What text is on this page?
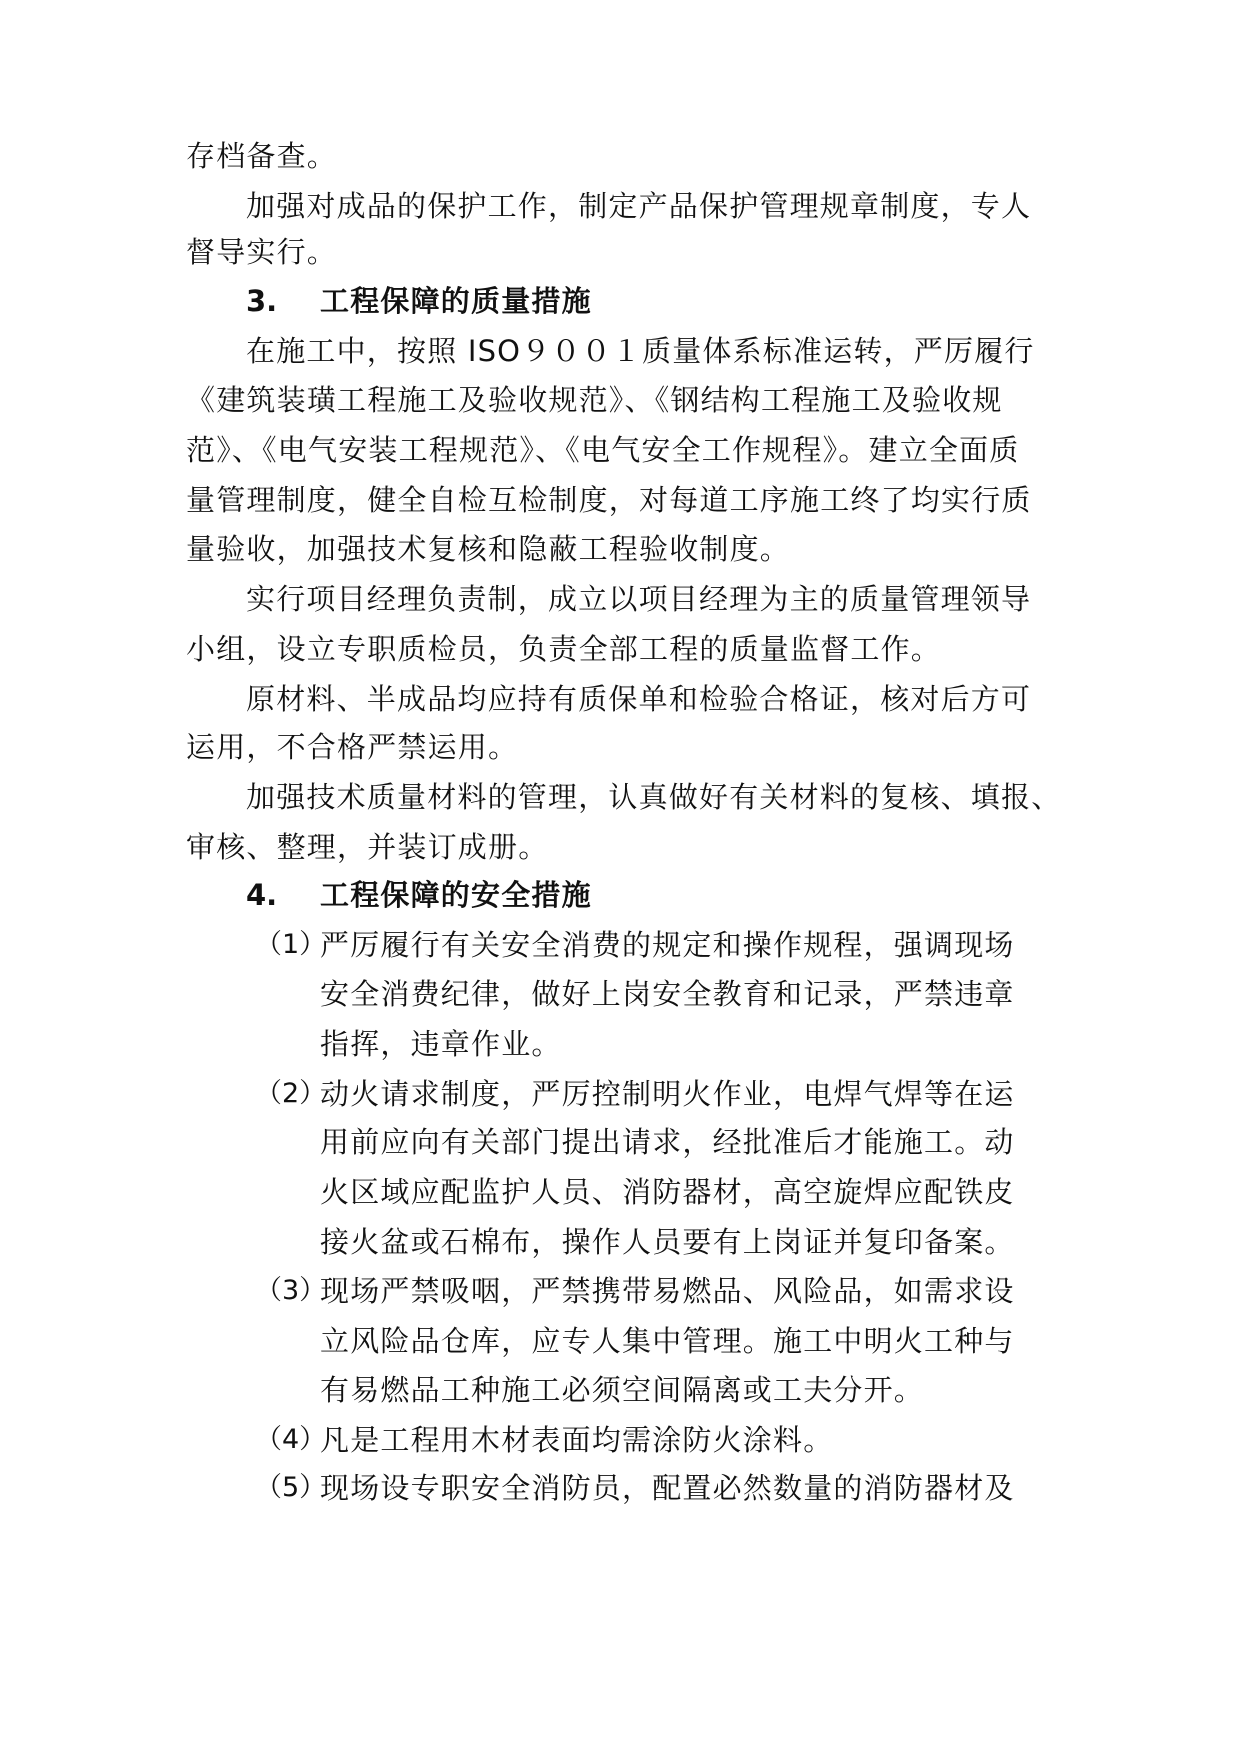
存档备查。
加强对成品的保护工作，制定产品保护管理规章制度，专人
督导实行。
3. 工程保障的质量措施
在施工中，按照 ISO９００１质量体系标准运转，严厉履行
《建筑装璜工程施工及验收规范》、《钢结构工程施工及验收规
范》、《电气安装工程规范》、《电气安全工作规程》。建立全面质
量管理制度，健全自检互检制度，对每道工序施工终了均实行质
量验收，加强技术复核和隐蔽工程验收制度。
实行项目经理负责制，成立以项目经理为主的质量管理领导
小组，设立专职质检员，负责全部工程的质量监督工作。
原材料、半成品均应持有质保单和检验合格证，核对后方可
运用，不合格严禁运用。
加强技术质量材料的管理，认真做好有关材料的复核、填报、
审核、整理，并装订成册。
4. 工程保障的安全措施
（1）
严厉履行有关安全消费的规定和操作规程，强调现场
安全消费纪律，做好上岗安全教育和记录，严禁违章
指挥，违章作业。
（2）
动火请求制度，严厉控制明火作业，电焊气焊等在运
用前应向有关部门提出请求，经批准后才能施工。动
火区域应配监护人员、消防器材，高空旋焊应配铁皮
接火盆或石棉布，操作人员要有上岗证并复印备案。
（3）
现场严禁吸咽，严禁携带易燃品、风险品，如需求设
立风险品仓库，应专人集中管理。施工中明火工种与
有易燃品工种施工必须空间隔离或工夫分开。
（4）
凡是工程用木材表面均需涂防火涂料。
（5）
现场设专职安全消防员，配置必然数量的消防器材及
